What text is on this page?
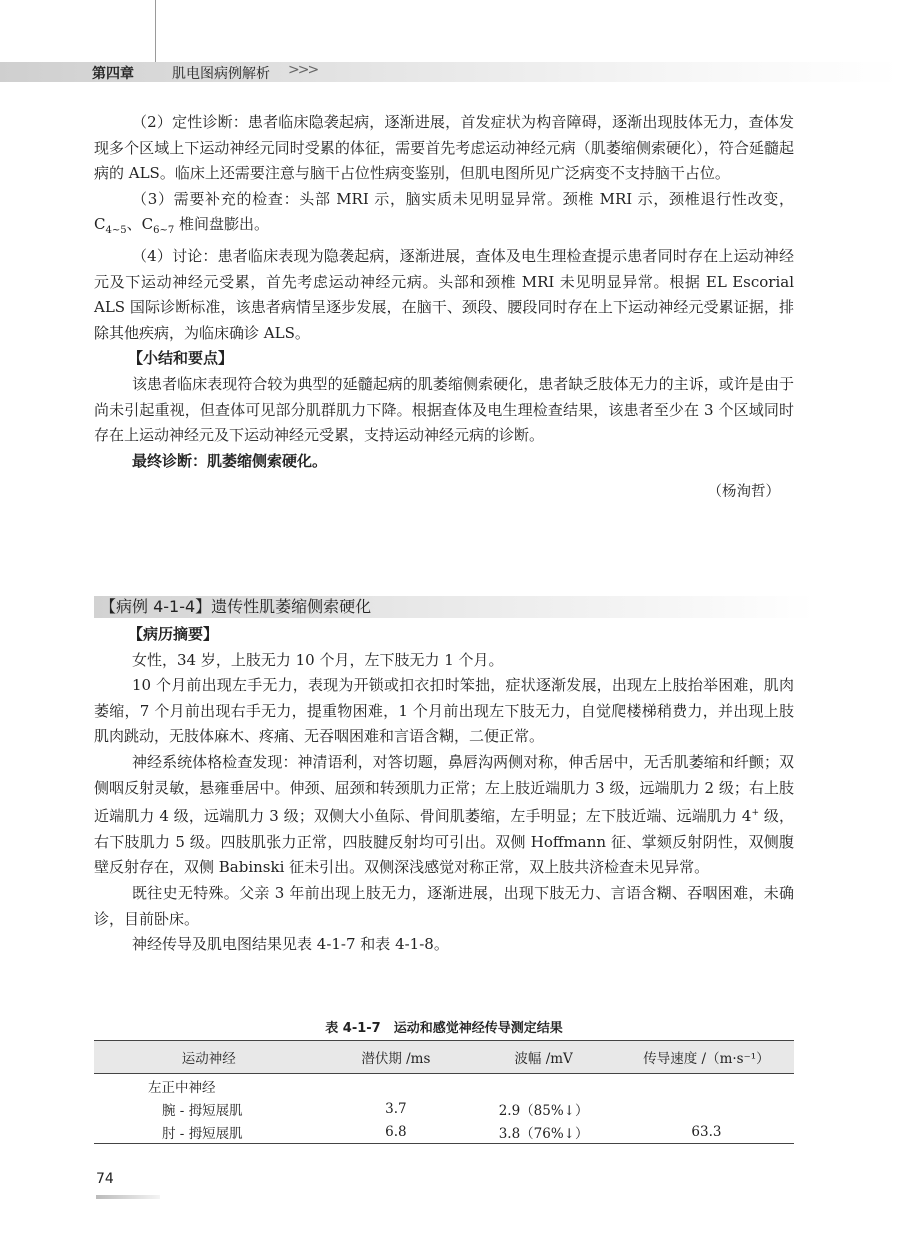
第四章	肌电图病例解析 >>>

（2）定性诊断：患者临床隐袭起病，逐渐进展，首发症状为构音障碍，逐渐出现肢体无力，查体发现多个区域上下运动神经元同时受累的体征，需要首先考虑运动神经元病（肌萎缩侧索硬化），符合延髓起病的 ALS。临床上还需要注意与脑干占位性病变鉴别，但肌电图所见广泛病变不支持脑干占位。

（3）需要补充的检查：头部 MRI 示，脑实质未见明显异常。颈椎 MRI 示，颈椎退行性改变，$C_{4\sim 5}$、$C_{6\sim 7}$ 椎间盘膨出。

（4）讨论：患者临床表现为隐袭起病，逐渐进展，查体及电生理检查提示患者同时存在上运动神经元及下运动神经元受累，首先考虑运动神经元病。头部和颈椎 MRI 未见明显异常。根据 EL Escorial ALS 国际诊断标准，该患者病情呈逐步发展，在脑干、颈段、腰段同时存在上下运动神经元受累证据，排除其他疾病，为临床确诊 ALS。

【小结和要点】

该患者临床表现符合较为典型的延髓起病的肌萎缩侧索硬化，患者缺乏肢体无力的主诉，或许是由于尚未引起重视，但查体可见部分肌群肌力下降。根据查体及电生理检查结果，该患者至少在 3 个区域同时存在上运动神经元及下运动神经元受累，支持运动神经元病的诊断。

最终诊断：肌萎缩侧索硬化。

（杨洵哲）
【病例 4-1-4】遗传性肌萎缩侧索硬化

【病历摘要】

女性，34 岁，上肢无力 10 个月，左下肢无力 1 个月。

10 个月前出现左手无力，表现为开锁或扣衣扣时笨拙，症状逐渐发展，出现左上肢抬举困难，肌肉萎缩，7 个月前出现右手无力，提重物困难，1 个月前出现左下肢无力，自觉爬楼梯稍费力，并出现上肢肌肉跳动，无肢体麻木、疼痛、无吞咽困难和言语含糊，二便正常。

神经系统体格检查发现：神清语利，对答切题，鼻唇沟两侧对称，伸舌居中，无舌肌萎缩和纤颤；双侧咽反射灵敏，悬雍垂居中。伸颈、屈颈和转颈肌力正常；左上肢近端肌力 3 级，远端肌力 2 级；右上肢近端肌力 4 级，远端肌力 3 级；双侧大小鱼际、骨间肌萎缩，左手明显；左下肢近端、远端肌力 4+ 级，右下肢肌力 5 级。四肢肌张力正常，四肢腱反射均可引出。双侧 Hoffmann 征、掌颏反射阴性，双侧腹壁反射存在，双侧 Babinski 征未引出。双侧深浅感觉对称正常，双上肢共济检查未见异常。

既往史无特殊。父亲 3 年前出现上肢无力，逐渐进展，出现下肢无力、言语含糊、吞咽困难，未确诊，目前卧床。

神经传导及肌电图结果见表 4-1-7 和表 4-1-8。

表 4-1-7　运动和感觉神经传导测定结果
运动神经	潜伏期 /ms	波幅 /mV	传导速度 /（m·s⁻¹）
左正中神经			
腕 - 拇短展肌	3.7	2.9（85%↓）	
肘 - 拇短展肌	6.8	3.8（76%↓）	63.3
74
